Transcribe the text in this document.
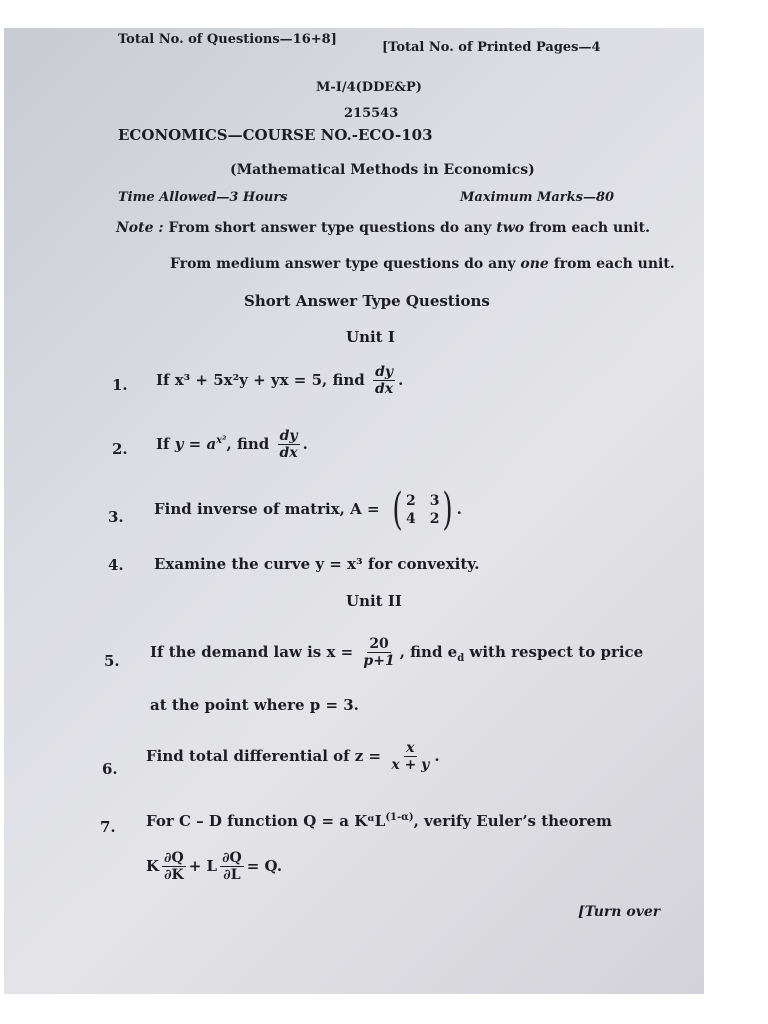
Total No. of Questions—16+8]
[Total No. of Printed Pages—4
M-I/4(DDE&P)
215543
ECONOMICS—COURSE NO.-ECO-103
(Mathematical Methods in Economics)
Time Allowed—3 Hours	Maximum Marks—80
Note : From short answer type questions do any two from each unit.
From medium answer type questions do any one from each unit.
Short Answer Type Questions
Unit I
1. If x³ + 5x²y + yx = 5, find $\frac{dy}{dx}$ .
2. If $y = a^{x^2}$, find $\frac{dy}{dx}$ .
3. Find inverse of matrix, A = ( 2 3
4 2 ) .
4. Examine the curve y = x³ for convexity.
Unit II
5.
If the demand law is $x = \frac{20}{p+1}$ , find $e_d$ with respect to price
at the point where p = 3.
6.
Find total differential of $z = \frac{x}{x + y}$ .
7. For C – D function Q = a KᵅL$^{(1-\alpha)}$, verify Euler’s theorem
K $\frac{\partial Q}{\partial K} + L \frac{\partial Q}{\partial L} = Q$.
[Turn over
